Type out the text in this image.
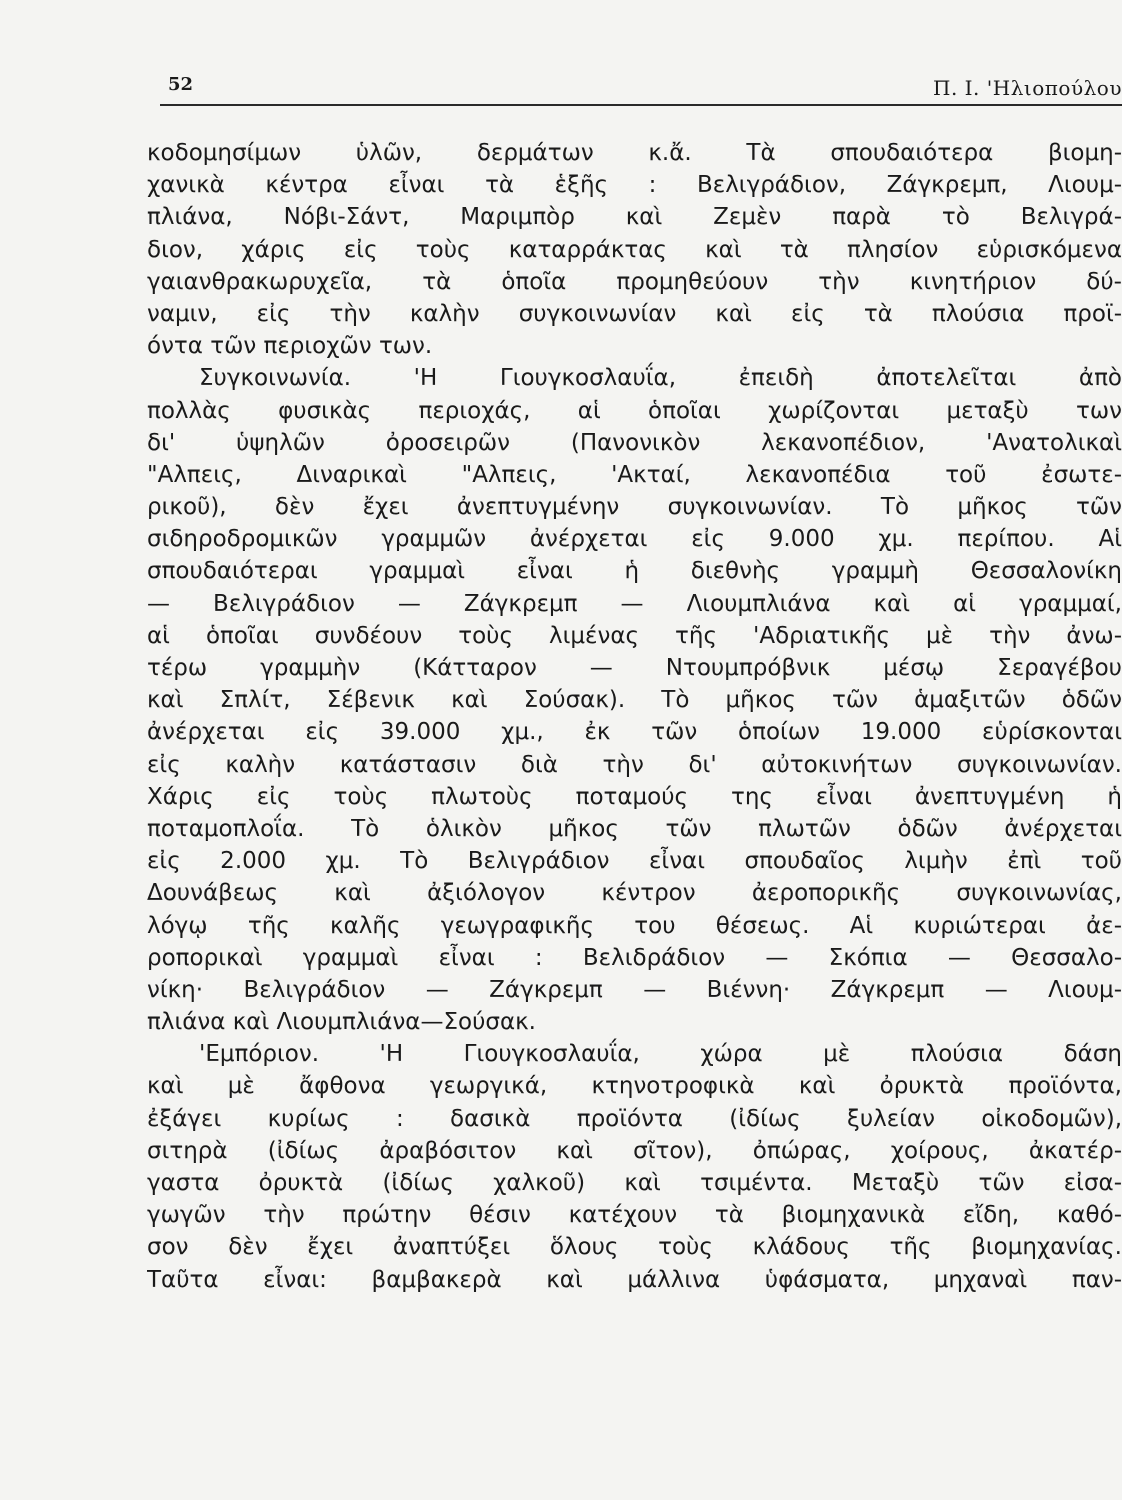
52	Π. Ι. 'Ηλιοπούλου
κοδομησίμων ὑλῶν, δερμάτων κ.ἄ. Τὰ σπουδαιότερα βιομη-
χανικὰ κέντρα εἶναι τὰ ἑξῆς : Βελιγράδιον, Ζάγκρεμπ, Λιουμ-
πλιάνα, Νόβι-Σάντ, Μαριμπὸρ καὶ Ζεμὲν παρὰ τὸ Βελιγρά-
διον, χάρις εἰς τοὺς καταρράκτας καὶ τὰ πλησίον εὑρισκόμενα
γαιανθρακωρυχεῖα, τὰ ὁποῖα προμηθεύουν τὴν κινητήριον δύ-
ναμιν, εἰς τὴν καλὴν συγκοινωνίαν καὶ εἰς τὰ πλούσια προϊ-
όντα τῶν περιοχῶν των.
Συγκοινωνία. 'Η Γιουγκοσλαυΐα, ἐπειδὴ ἀποτελεῖται ἀπὸ
πολλὰς φυσικὰς περιοχάς, αἱ ὁποῖαι χωρίζονται μεταξὺ των
δι' ὑψηλῶν ὀροσειρῶν (Πανονικὸν λεκανοπέδιον, 'Ανατολικαὶ
"Αλπεις, Διναρικαὶ "Αλπεις, 'Ακταί, λεκανοπέδια τοῦ ἐσωτε-
ρικοῦ), δὲν ἔχει ἀνεπτυγμένην συγκοινωνίαν. Τὸ μῆκος τῶν
σιδηροδρομικῶν γραμμῶν ἀνέρχεται εἰς 9.000 χμ. περίπου. Αἱ
σπουδαιότεραι γραμμαὶ εἶναι ἡ διεθνὴς γραμμὴ Θεσσαλονίκη
— Βελιγράδιον — Ζάγκρεμπ — Λιουμπλιάνα καὶ αἱ γραμμαί,
αἱ ὁποῖαι συνδέουν τοὺς λιμένας τῆς 'Αδριατικῆς μὲ τὴν ἀνω-
τέρω γραμμὴν (Κάτταρον — Ντουμπρόβνικ μέσῳ Σεραγέβου
καὶ Σπλίτ, Σέβενικ καὶ Σούσακ). Τὸ μῆκος τῶν ἁμαξιτῶν ὁδῶν
ἀνέρχεται εἰς 39.000 χμ., ἐκ τῶν ὁποίων 19.000 εὑρίσκονται
εἰς καλὴν κατάστασιν διὰ τὴν δι' αὐτοκινήτων συγκοινωνίαν.
Χάρις εἰς τοὺς πλωτοὺς ποταμούς της εἶναι ἀνεπτυγμένη ἡ
ποταμοπλοΐα. Τὸ ὁλικὸν μῆκος τῶν πλωτῶν ὁδῶν ἀνέρχεται
εἰς 2.000 χμ. Τὸ Βελιγράδιον εἶναι σπουδαῖος λιμὴν ἐπὶ τοῦ
Δουνάβεως καὶ ἀξιόλογον κέντρον ἀεροπορικῆς συγκοινωνίας,
λόγῳ τῆς καλῆς γεωγραφικῆς του θέσεως. Αἱ κυριώτεραι ἀε-
ροπορικαὶ γραμμαὶ εἶναι : Βελιδράδιον — Σκόπια — Θεσσαλο-
νίκη· Βελιγράδιον — Ζάγκρεμπ — Βιέννη· Ζάγκρεμπ — Λιουμ-
πλιάνα καὶ Λιουμπλιάνα—Σούσακ.
'Εμπόριον. 'Η Γιουγκοσλαυΐα, χώρα μὲ πλούσια δάση
καὶ μὲ ἄφθονα γεωργικά, κτηνοτροφικὰ καὶ ὀρυκτὰ προϊόντα,
ἐξάγει κυρίως : δασικὰ προϊόντα (ἰδίως ξυλείαν οἰκοδομῶν),
σιτηρὰ (ἰδίως ἀραβόσιτον καὶ σῖτον), ὀπώρας, χοίρους, ἀκατέρ-
γαστα ὀρυκτὰ (ἰδίως χαλκοῦ) καὶ τσιμέντα. Μεταξὺ τῶν εἰσα-
γωγῶν τὴν πρώτην θέσιν κατέχουν τὰ βιομηχανικὰ εἴδη, καθό-
σον δὲν ἔχει ἀναπτύξει ὅλους τοὺς κλάδους τῆς βιομηχανίας.
Ταῦτα εἶναι: βαμβακερὰ καὶ μάλλινα ὑφάσματα, μηχαναὶ παν-
